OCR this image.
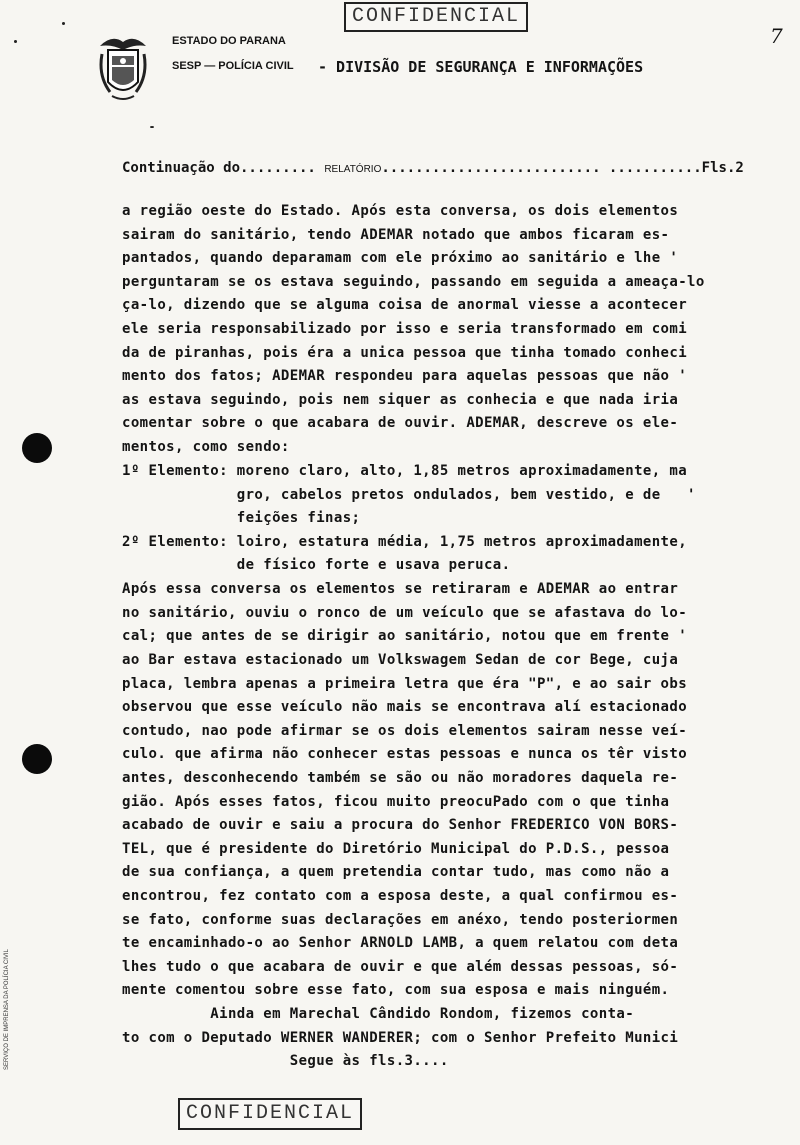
CONFIDENCIAL
7
ESTADO DO PARANA
SESP — POLÍCIA CIVIL - DIVISÃO DE SEGURANÇA E INFORMAÇÕES
Continuação do......... RELATÓRIO.......................... ...........Fls.2
a região oeste do Estado. Após esta conversa, os dois elementos
sairam do sanitário, tendo ADEMAR notado que ambos ficaram es-
pantados, quando deparamam com ele próximo ao sanitário e lhe '
perguntaram se os estava seguindo, passando em seguida a ameaça-lo
ça-lo, dizendo que se alguma coisa de anormal viesse a acontecer
ele seria responsabilizado por isso e seria transformado em comi
da de piranhas, pois éra a unica pessoa que tinha tomado conheci
mento dos fatos; ADEMAR respondeu para aquelas pessoas que não '
as estava seguindo, pois nem siquer as conhecia e que nada iria
comentar sobre o que acabara de ouvir. ADEMAR, descreve os ele-
mentos, como sendo:
1º Elemento: moreno claro, alto, 1,85 metros aproximadamente, ma
gro, cabelos pretos ondulados, bem vestido, e de   '
feições finas;
2º Elemento: loiro, estatura média, 1,75 metros aproximadamente,
de físico forte e usava peruca.
Após essa conversa os elementos se retiraram e ADEMAR ao entrar
no sanitário, ouviu o ronco de um veículo que se afastava do lo-
cal; que antes de se dirigir ao sanitário, notou que em frente '
ao Bar estava estacionado um Volkswagem Sedan de cor Bege, cuja
placa, lembra apenas a primeira letra que éra "P", e ao sair obs
observou que esse veículo não mais se encontrava alí estacionado
contudo, nao pode afirmar se os dois elementos sairam nesse veí-
culo. que afirma não conhecer estas pessoas e nunca os têr visto
antes, desconhecendo também se são ou não moradores daquela re-
gião. Após esses fatos, ficou muito preocuPado com o que tinha
acabado de ouvir e saiu a procura do Senhor FREDERICO VON BORS-
TEL, que é presidente do Diretório Municipal do P.D.S., pessoa
de sua confiança, a quem pretendia contar tudo, mas como não a
encontrou, fez contato com a esposa deste, a qual confirmou es-
se fato, conforme suas declarações em anéxo, tendo posteriormen
te encaminhado-o ao Senhor ARNOLD LAMB, a quem relatou com deta
lhes tudo o que acabara de ouvir e que além dessas pessoas, só-
mente comentou sobre esse fato, com sua esposa e mais ninguém.
Ainda em Marechal Cândido Rondom, fizemos conta-
to com o Deputado WERNER WANDERER; com o Senhor Prefeito Munici
Segue às fls.3....
CONFIDENCIAL
SERVIÇO DE IMPRENSA DA POLÍCIA CIVIL
